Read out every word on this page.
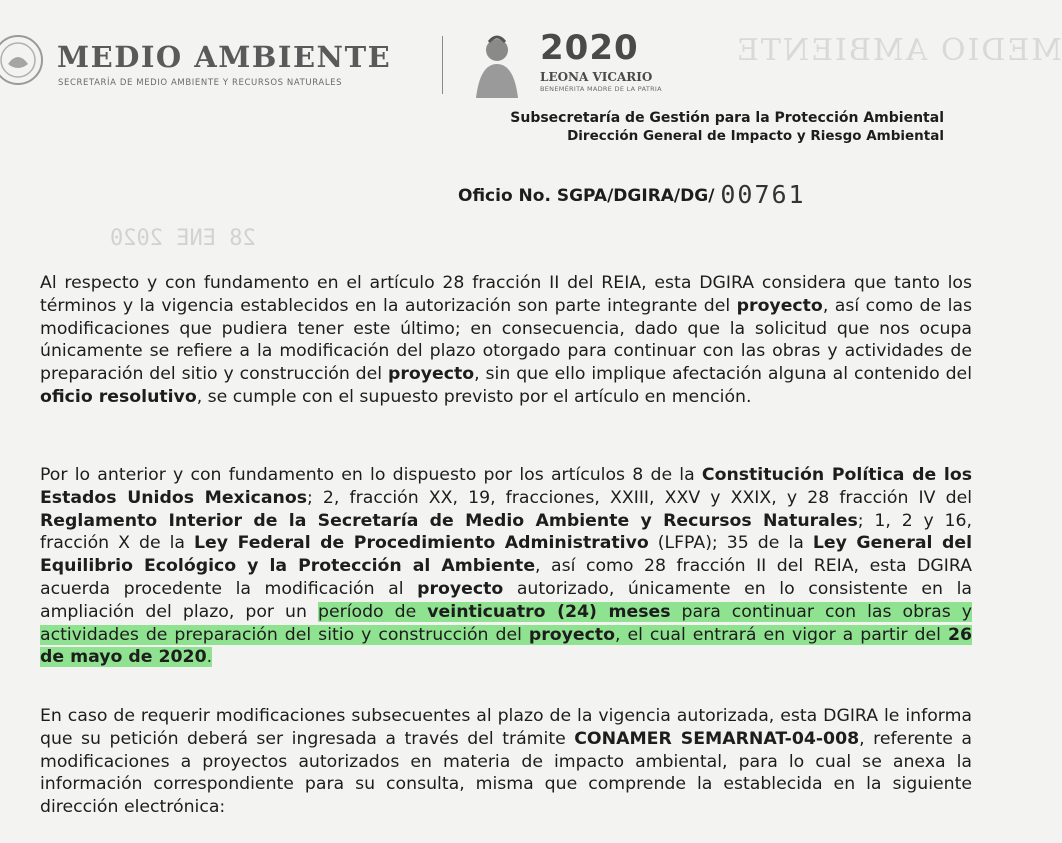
MEDIO AMBIENTE
28 ENE 2020
MEDIO AMBIENTE
SECRETARÍA DE MEDIO AMBIENTE Y RECURSOS NATURALES
2020
LEONA VICARIO
BENEMÉRITA MADRE DE LA PATRIA
Subsecretaría de Gestión para la Protección Ambiental
Dirección General de Impacto y Riesgo Ambiental
Oficio No. SGPA/DGIRA/DG/ 00761
Al respecto y con fundamento en el artículo 28 fracción II del REIA, esta DGIRA considera que tanto los términos y la vigencia establecidos en la autorización son parte integrante del proyecto, así como de las modificaciones que pudiera tener este último; en consecuencia, dado que la solicitud que nos ocupa únicamente se refiere a la modificación del plazo otorgado para continuar con las obras y actividades de preparación del sitio y construcción del proyecto, sin que ello implique afectación alguna al contenido del oficio resolutivo, se cumple con el supuesto previsto por el artículo en mención.
Por lo anterior y con fundamento en lo dispuesto por los artículos 8 de la Constitución Política de los Estados Unidos Mexicanos; 2, fracción XX, 19, fracciones, XXIII, XXV y XXIX, y 28 fracción IV del Reglamento Interior de la Secretaría de Medio Ambiente y Recursos Naturales; 1, 2 y 16, fracción X de la Ley Federal de Procedimiento Administrativo (LFPA); 35 de la Ley General del Equilibrio Ecológico y la Protección al Ambiente, así como 28 fracción II del REIA, esta DGIRA acuerda procedente la modificación al proyecto autorizado, únicamente en lo consistente en la ampliación del plazo, por un período de veinticuatro (24) meses para continuar con las obras y actividades de preparación del sitio y construcción del proyecto, el cual entrará en vigor a partir del 26 de mayo de 2020.
En caso de requerir modificaciones subsecuentes al plazo de la vigencia autorizada, esta DGIRA le informa que su petición deberá ser ingresada a través del trámite CONAMER SEMARNAT-04-008, referente a modificaciones a proyectos autorizados en materia de impacto ambiental, para lo cual se anexa la información correspondiente para su consulta, misma que comprende la establecida en la siguiente dirección electrónica:
